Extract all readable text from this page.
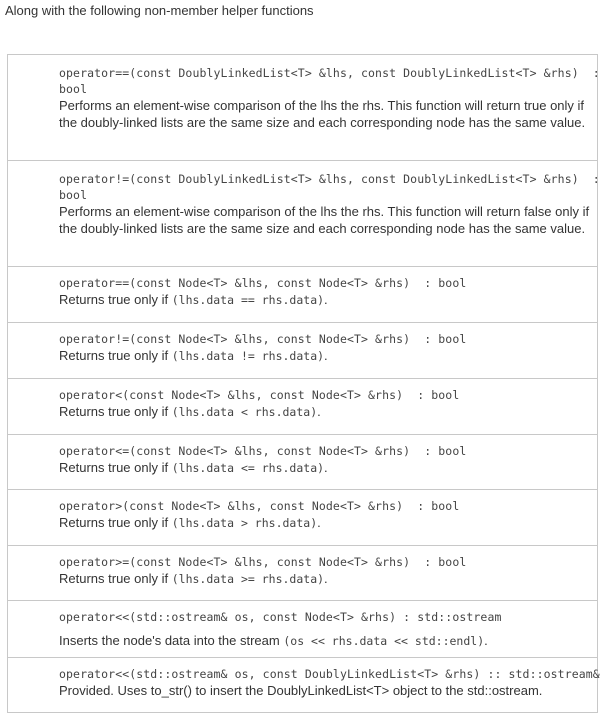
Along with the following non-member helper functions
operator==(const DoublyLinkedList<T> &lhs, const DoublyLinkedList<T> &rhs)  :
bool
Performs an element-wise comparison of the lhs the rhs. This function will return true only if the doubly-linked lists are the same size and each corresponding node has the same value.
operator!=(const DoublyLinkedList<T> &lhs, const DoublyLinkedList<T> &rhs)  :
bool
Performs an element-wise comparison of the lhs the rhs. This function will return false only if the doubly-linked lists are the same size and each corresponding node has the same value.
operator==(const Node<T> &lhs, const Node<T> &rhs)  : bool
Returns true only if (lhs.data == rhs.data).
operator!=(const Node<T> &lhs, const Node<T> &rhs)  : bool
Returns true only if (lhs.data != rhs.data).
operator<(const Node<T> &lhs, const Node<T> &rhs)  : bool
Returns true only if (lhs.data < rhs.data).
operator<=(const Node<T> &lhs, const Node<T> &rhs)  : bool
Returns true only if (lhs.data <= rhs.data).
operator>(const Node<T> &lhs, const Node<T> &rhs)  : bool
Returns true only if (lhs.data > rhs.data).
operator>=(const Node<T> &lhs, const Node<T> &rhs)  : bool
Returns true only if (lhs.data >= rhs.data).
operator<<(std::ostream& os, const Node<T> &rhs) : std::ostream
Inserts the node's data into the stream (os << rhs.data << std::endl).
operator<<(std::ostream& os, const DoublyLinkedList<T> &rhs) :: std::ostream&
Provided. Uses to_str() to insert the DoublyLinkedList<T> object to the std::ostream.
